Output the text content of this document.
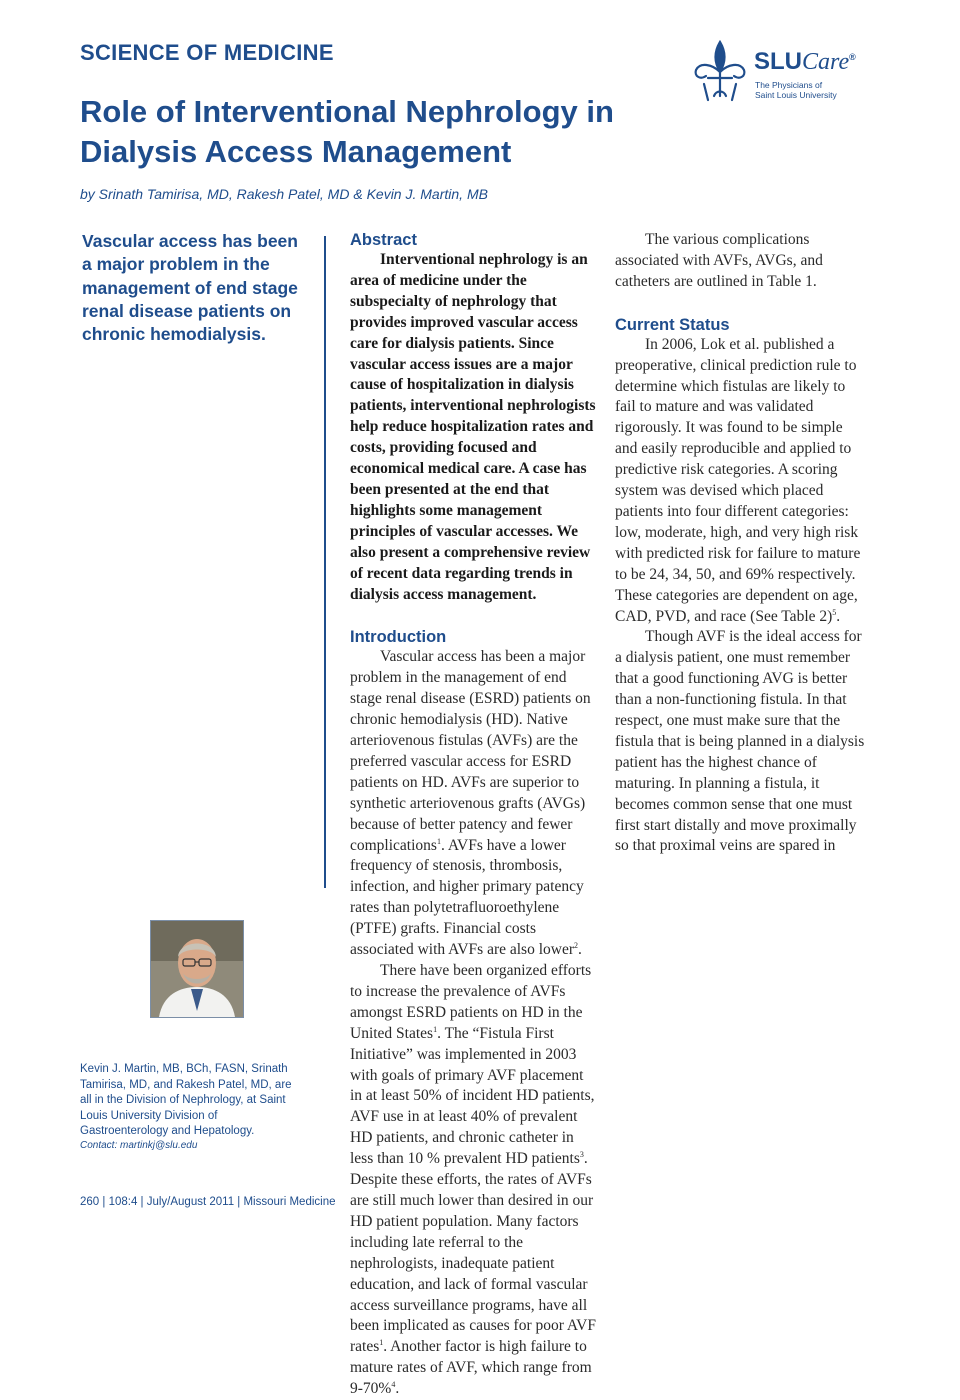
SCIENCE OF MEDICINE
Role of Interventional Nephrology in Dialysis Access Management
by Srinath Tamirisa, MD, Rakesh Patel, MD & Kevin J. Martin, MB
SLUCare®
The Physicians of
Saint Louis University

Vascular access has been a major problem in the management of end stage renal disease patients on chronic hemodialysis.

Kevin J. Martin, MB, BCh, FASN, Srinath Tamirisa, MD, and Rakesh Patel, MD, are all in the Division of Nephrology, at Saint Louis University Division of Gastroenterology and Hepatology.
Contact: martinkj@slu.edu
Abstract

Interventional nephrology is an area of medicine under the subspecialty of nephrology that provides improved vascular access care for dialysis patients. Since vascular access issues are a major cause of hospitalization in dialysis patients, interventional nephrologists help reduce hospitalization rates and costs, providing focused and economical medical care. A case has been presented at the end that highlights some management principles of vascular accesses. We also present a comprehensive review of recent data regarding trends in dialysis access management.

Introduction

Vascular access has been a major problem in the management of end stage renal disease (ESRD) patients on chronic hemodialysis (HD). Native arteriovenous fistulas (AVFs) are the preferred vascular access for ESRD patients on HD. AVFs are superior to synthetic arteriovenous grafts (AVGs) because of better patency and fewer complications$^1$. AVFs have a lower frequency of stenosis, thrombosis, infection, and higher primary patency rates than polytetrafluoroethylene (PTFE) grafts. Financial costs associated with AVFs are also lower$^2$.

There have been organized efforts to increase the prevalence of AVFs amongst ESRD patients on HD in the United States$^1$. The “Fistula First Initiative” was implemented in 2003 with goals of primary AVF placement in at least 50% of incident HD patients, AVF use in at least 40% of prevalent HD patients, and chronic catheter in less than 10 % prevalent HD patients$^3$. Despite these efforts, the rates of AVFs are still much lower than desired in our HD patient population. Many factors including late referral to the nephrologists, inadequate patient education, and lack of formal vascular access surveillance programs, have all been implicated as causes for poor AVF rates$^1$. Another factor is high failure to mature rates of AVF, which range from 9-70%$^4$.

The various complications associated with AVFs, AVGs, and catheters are outlined in Table 1.

Current Status

In 2006, Lok et al. published a preoperative, clinical prediction rule to determine which fistulas are likely to fail to mature and was validated rigorously. It was found to be simple and easily reproducible and applied to predictive risk categories. A scoring system was devised which placed patients into four different categories: low, moderate, high, and very high risk with predicted risk for failure to mature to be 24, 34, 50, and 69% respectively. These categories are dependent on age, CAD, PVD, and race (See Table 2)$^5$.

Though AVF is the ideal access for a dialysis patient, one must remember that a good functioning AVG is better than a non-functioning fistula. In that respect, one must make sure that the fistula that is being planned in a dialysis patient has the highest chance of maturing. In planning a fistula, it becomes common sense that one must first start distally and move proximally so that proximal veins are spared in

260 | 108:4 | July/August 2011 | Missouri Medicine
